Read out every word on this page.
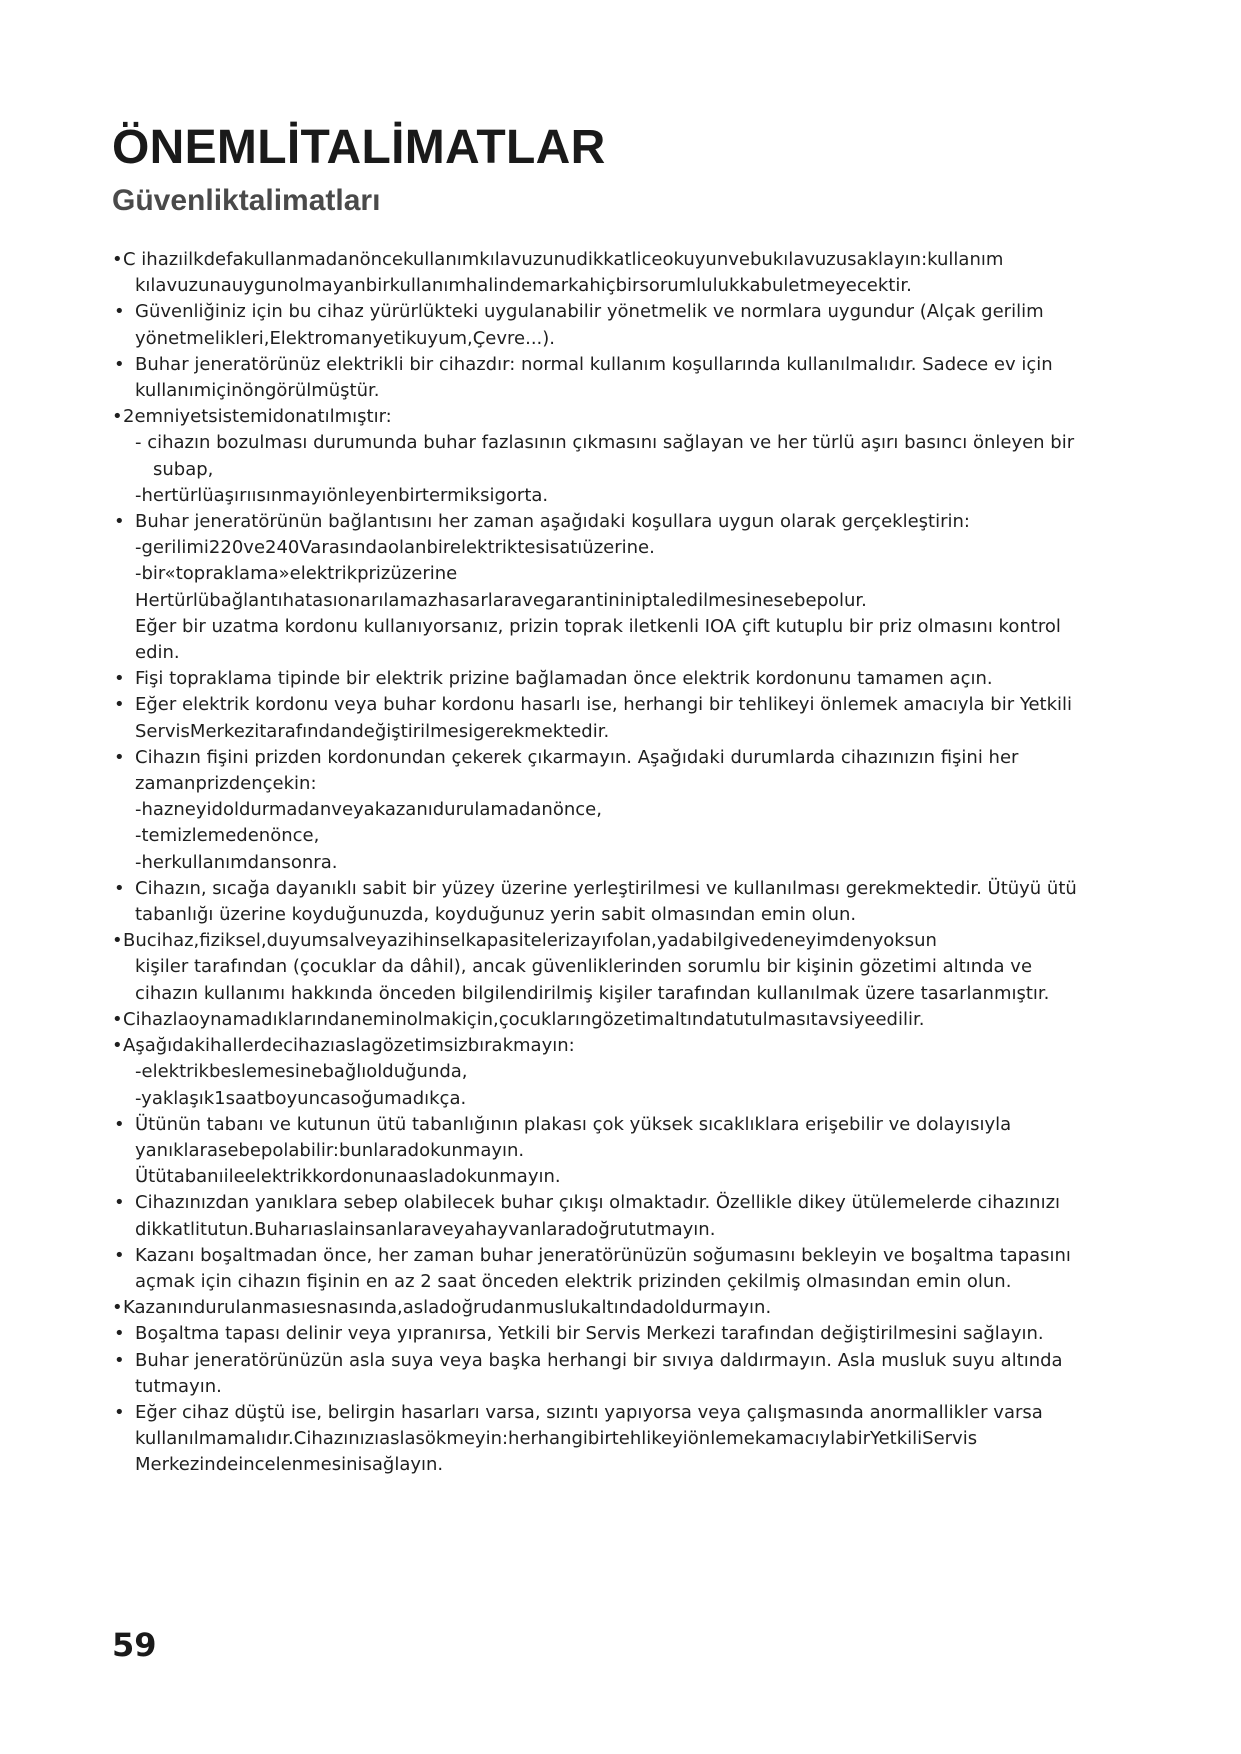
ÖNEMLİTALİMATLAR
Güvenliktalimatları
• C ihazıilkdefakullanmadanöncekullanımkılavuzunudikkatliceokuyunvebukılavuzusaklayın:kullanım
kılavuzunauygunolmayanbirkullanımhalindemarkahiçbirsorumlulukkabuletmeyecektir.
• Güvenliğiniz için bu cihaz yürürlükteki uygulanabilir yönetmelik ve normlara uygundur (Alçak gerilim
yönetmelikleri,Elektromanyetikuyum,Çevre...).
• Buhar jeneratörünüz elektrikli bir cihazdır: normal kullanım koşullarında kullanılmalıdır. Sadece ev için
kullanımiçinöngörülmüştür.
• 2emniyetsistemidonatılmıştır:
- cihazın bozulması durumunda buhar fazlasının çıkmasını sağlayan ve her türlü aşırı basıncı önleyen bir
subap,
-hertürlüaşırıısınmayıönleyenbirtermiksigorta.
• Buhar jeneratörünün bağlantısını her zaman aşağıdaki koşullara uygun olarak gerçekleştirin:
-gerilimi220ve240Varasındaolanbirelektriktesisatıüzerine.
-bir«topraklama»elektrikprizüzerine
Hertürlübağlantıhatasıonarılamazhasarlaravegarantininiptaledilmesinesebepolur.
Eğer bir uzatma kordonu kullanıyorsanız, prizin toprak iletkenli IOA çift kutuplu bir priz olmasını kontrol
edin.
• Fişi topraklama tipinde bir elektrik prizine bağlamadan önce elektrik kordonunu tamamen açın.
• Eğer elektrik kordonu veya buhar kordonu hasarlı ise, herhangi bir tehlikeyi önlemek amacıyla bir Yetkili
ServisMerkezitarafındandeğiştirilmesigerekmektedir.
• Cihazın fişini prizden kordonundan çekerek çıkarmayın. Aşağıdaki durumlarda cihazınızın fişini her
zamanprizdençekin:
-hazneyidoldurmadanveyakazanıdurulamadanönce,
-temizlemedenönce,
-herkullanımdansonra.
• Cihazın, sıcağa dayanıklı sabit bir yüzey üzerine yerleştirilmesi ve kullanılması gerekmektedir. Ütüyü ütü
tabanlığı üzerine koyduğunuzda, koyduğunuz yerin sabit olmasından emin olun.
• Bucihaz,fiziksel,duyumsalveyazihinselkapasitelerizayıfolan,yadabilgivedeneyimdenyoksun
kişiler tarafından (çocuklar da dâhil), ancak güvenliklerinden sorumlu bir kişinin gözetimi altında ve
cihazın kullanımı hakkında önceden bilgilendirilmiş kişiler tarafından kullanılmak üzere tasarlanmıştır.
• Cihazlaoynamadıklarındaneminolmakiçin,çocuklarıngözetimaltındatutulmasıtavsiyeedilir.
• Aşağıdakihallerdecihazıaslagözetimsizbırakmayın:
-elektrikbeslemesinebağlıolduğunda,
-yaklaşık1saatboyuncasoğumadıkça.
• Ütünün tabanı ve kutunun ütü tabanlığının plakası çok yüksek sıcaklıklara erişebilir ve dolayısıyla
yanıklarasebepolabilir:bunlaradokunmayın.
Ütütabanıileelektrikkordonunaasladokunmayın.
• Cihazınızdan yanıklara sebep olabilecek buhar çıkışı olmaktadır. Özellikle dikey ütülemelerde cihazınızı
dikkatlitutun.Buharıaslainsanlaraveyahayvanlaradoğrututmayın.
• Kazanı boşaltmadan önce, her zaman buhar jeneratörünüzün soğumasını bekleyin ve boşaltma tapasını
açmak için cihazın fişinin en az 2 saat önceden elektrik prizinden çekilmiş olmasından emin olun.
• Kazanındurulanmasıesnasında,asladoğrudanmuslukaltındadoldurmayın.
• Boşaltma tapası delinir veya yıpranırsa, Yetkili bir Servis Merkezi tarafından değiştirilmesini sağlayın.
• Buhar jeneratörünüzün asla suya veya başka herhangi bir sıvıya daldırmayın. Asla musluk suyu altında
tutmayın.
• Eğer cihaz düştü ise, belirgin hasarları varsa, sızıntı yapıyorsa veya çalışmasında anormallikler varsa
kullanılmamalıdır.Cihazınızıaslasökmeyin:herhangibirtehlikeyiönlemekamacıylabirYetkiliServis
Merkezindeincelenmesinisağlayın.
59
